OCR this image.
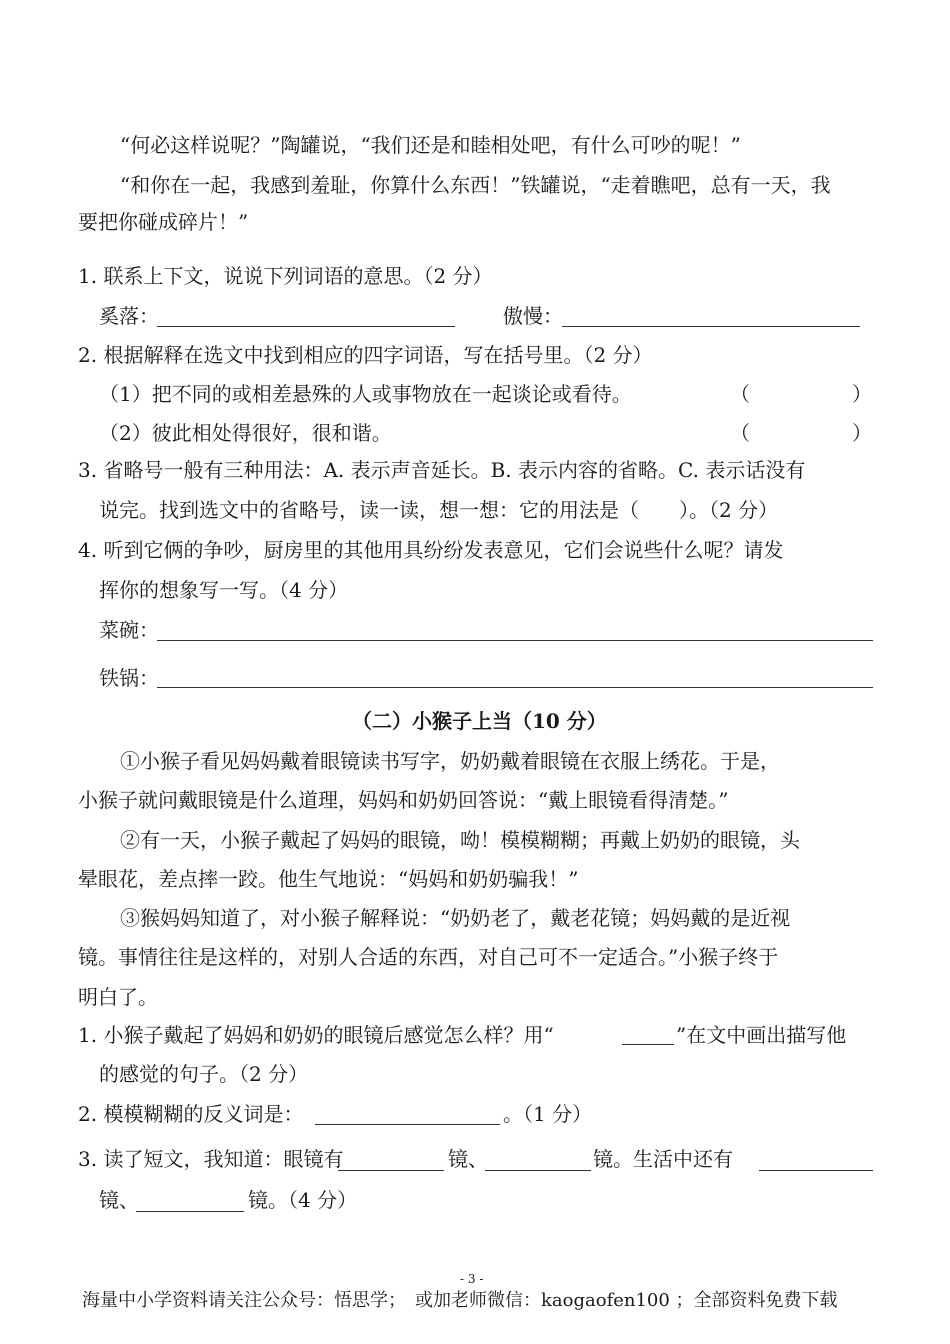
“何必这样说呢？”陶罐说，“我们还是和睦相处吧，有什么可吵的呢！”
“和你在一起，我感到羞耻，你算什么东西！”铁罐说，“走着瞧吧，总有一天，我
要把你碰成碎片！”
1. 联系上下文，说说下列词语的意思。（2 分）
奚落：	傲慢：
2. 根据解释在选文中找到相应的四字词语，写在括号里。（2 分）
（1）把不同的或相差悬殊的人或事物放在一起谈论或看待。	（	）
（2）彼此相处得很好，很和谐。	（	）
3. 省略号一般有三种用法：A. 表示声音延长。B. 表示内容的省略。C. 表示话没有
说完。找到选文中的省略号，读一读，想一想：它的用法是（　　）。（2 分）
4. 听到它俩的争吵，厨房里的其他用具纷纷发表意见，它们会说些什么呢？请发
挥你的想象写一写。（4 分）
菜碗：
铁锅：
（二）小猴子上当（10 分）
①小猴子看见妈妈戴着眼镜读书写字，奶奶戴着眼镜在衣服上绣花。于是，
小猴子就问戴眼镜是什么道理，妈妈和奶奶回答说：“戴上眼镜看得清楚。”
②有一天，小猴子戴起了妈妈的眼镜，呦！模模糊糊；再戴上奶奶的眼镜，头
晕眼花，差点摔一跤。他生气地说：“妈妈和奶奶骗我！”
③猴妈妈知道了，对小猴子解释说：“奶奶老了，戴老花镜；妈妈戴的是近视
镜。事情往往是这样的，对别人合适的东西，对自己可不一定适合。”小猴子终于
明白了。
1. 小猴子戴起了妈妈和奶奶的眼镜后感觉怎么样？用“	”在文中画出描写他
的感觉的句子。（2 分）
2. 模模糊糊的反义词是：	。（1 分）
3. 读了短文，我知道：眼镜有	镜、	镜。生活中还有
镜、	镜。（4 分）
- 3 -
海量中小学资料请关注公众号：悟思学；　或加老师微信：kaogaofen100 ；全部资料免费下载
